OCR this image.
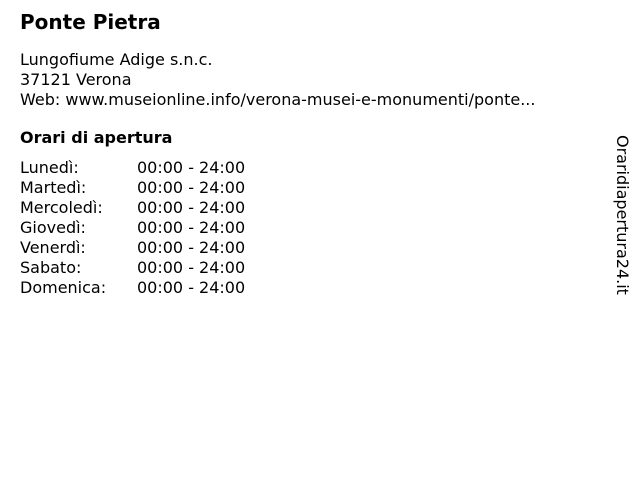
Ponte Pietra
Lungofiume Adige s.n.c.
37121 Verona
Web: www.museionline.info/verona-musei-e-monumenti/ponte...
Orari di apertura
Lunedì:	00:00 - 24:00
Martedì:	00:00 - 24:00
Mercoledì:	00:00 - 24:00
Giovedì:	00:00 - 24:00
Venerdì:	00:00 - 24:00
Sabato:	00:00 - 24:00
Domenica:	00:00 - 24:00	Oraridiapertura24.it
